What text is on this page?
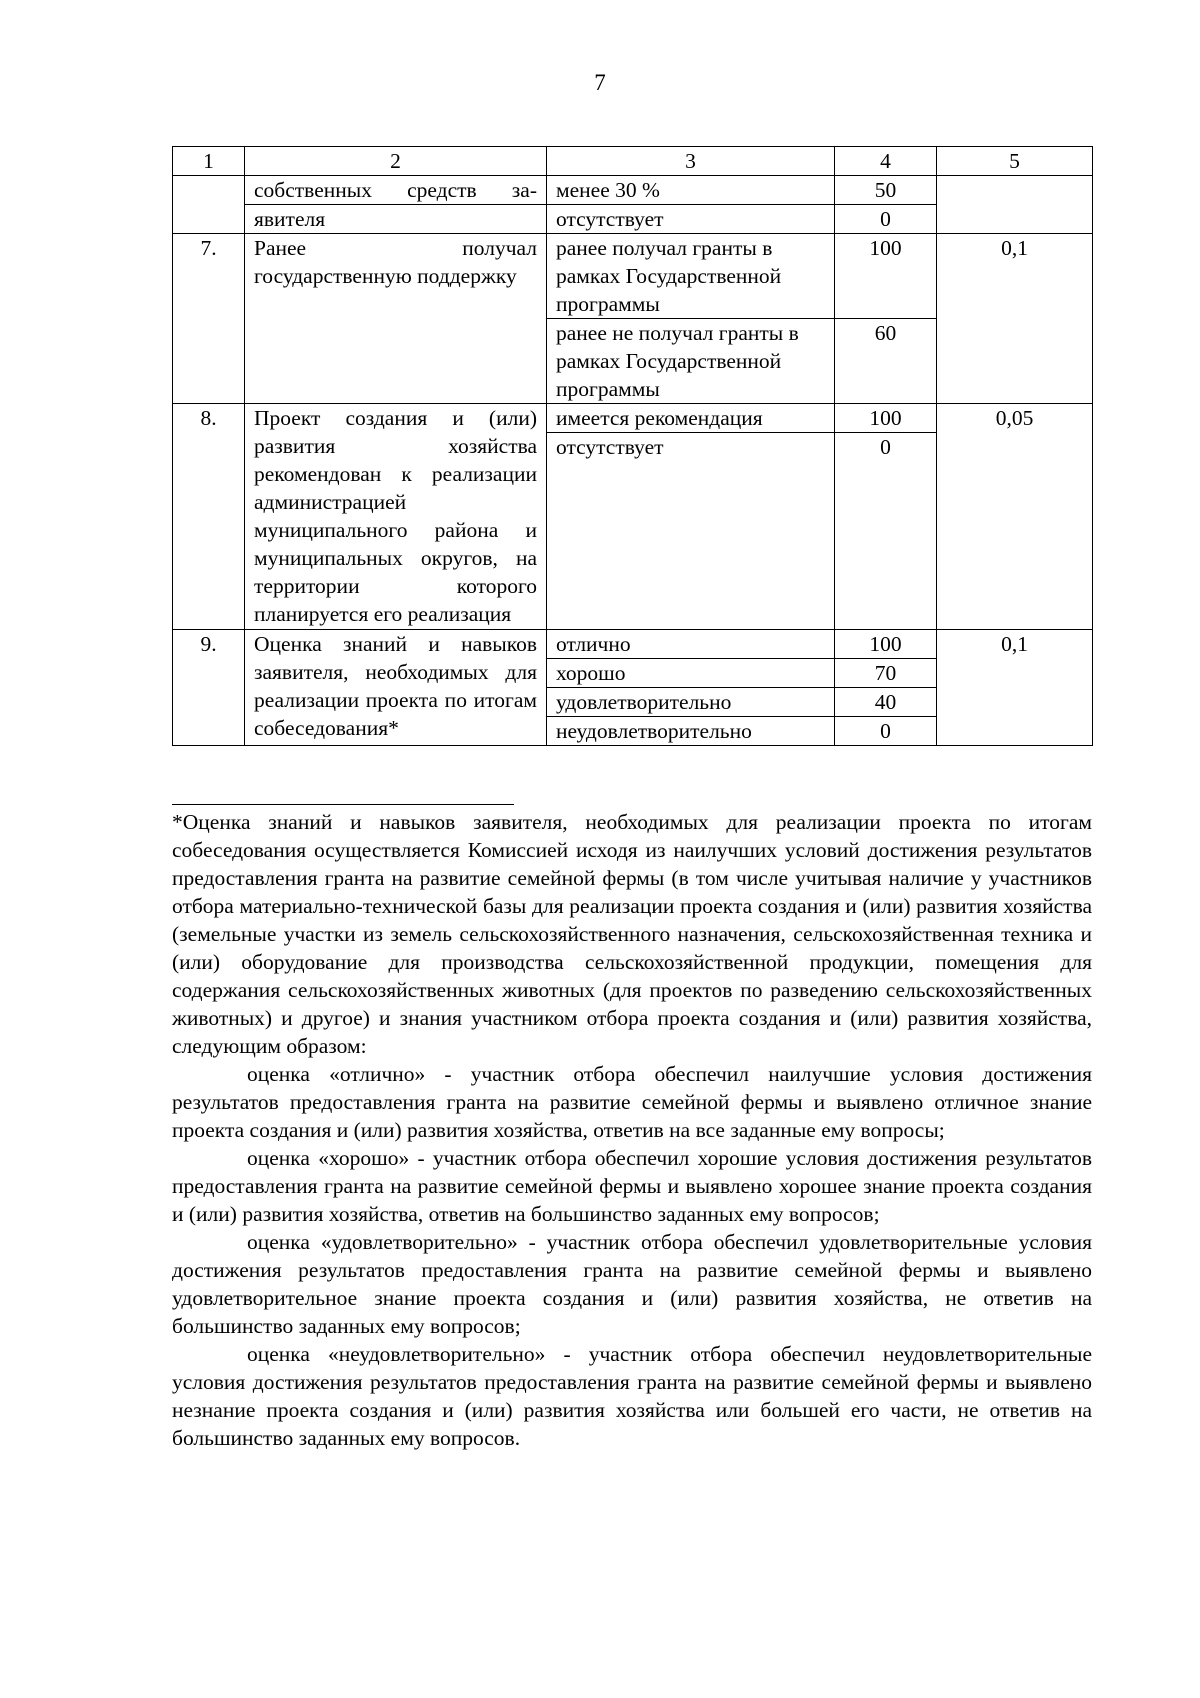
7
1	2	3	4	5
	собственных средств за-	менее 30 %	50	
	явителя	отсутствует	0	
7.	Ранее получал государственную поддержку	ранее получал гранты в рамках Государственной программы	100	0,1
		ранее не получал гранты в рамках Государственной программы	60	
8.	Проект создания и (или) развития хозяйства рекомендован к реализации администрацией муниципального района и муниципальных округов, на территории которого планируется его реализация	имеется рекомендация	100	0,05
		отсутствует	0	
9.	Оценка знаний и навыков заявителя, необходимых для реализации проекта по итогам собеседования*	отлично	100	0,1
		хорошо	70	
		удовлетворительно	40	
		неудовлетворительно	0	

*Оценка знаний и навыков заявителя, необходимых для реализации проекта по итогам собеседования осуществляется Комиссией исходя из наилучших условий достижения результатов предоставления гранта на развитие семейной фермы (в том числе учитывая наличие у участников отбора материально-технической базы для реализации проекта создания и (или) развития хозяйства (земельные участки из земель сельскохозяйственного назначения, сельскохозяйственная техника и (или) оборудование для производства сельскохозяйственной продукции, помещения для содержания сельскохозяйственных животных (для проектов по разведению сельскохозяйственных животных) и другое) и знания участником отбора проекта создания и (или) развития хозяйства, следующим образом:

оценка «отлично» - участник отбора обеспечил наилучшие условия достижения результатов предоставления гранта на развитие семейной фермы и выявлено отличное знание проекта создания и (или) развития хозяйства, ответив на все заданные ему вопросы;

оценка «хорошо» - участник отбора обеспечил хорошие условия достижения результатов предоставления гранта на развитие семейной фермы и выявлено хорошее знание проекта создания и (или) развития хозяйства, ответив на большинство заданных ему вопросов;

оценка «удовлетворительно» - участник отбора обеспечил удовлетворительные условия достижения результатов предоставления гранта на развитие семейной фермы и выявлено удовлетворительное знание проекта создания и (или) развития хозяйства, не ответив на большинство заданных ему вопросов;

оценка «неудовлетворительно» - участник отбора обеспечил неудовлетворительные условия достижения результатов предоставления гранта на развитие семейной фермы и выявлено незнание проекта создания и (или) развития хозяйства или большей его части, не ответив на большинство заданных ему вопросов.
